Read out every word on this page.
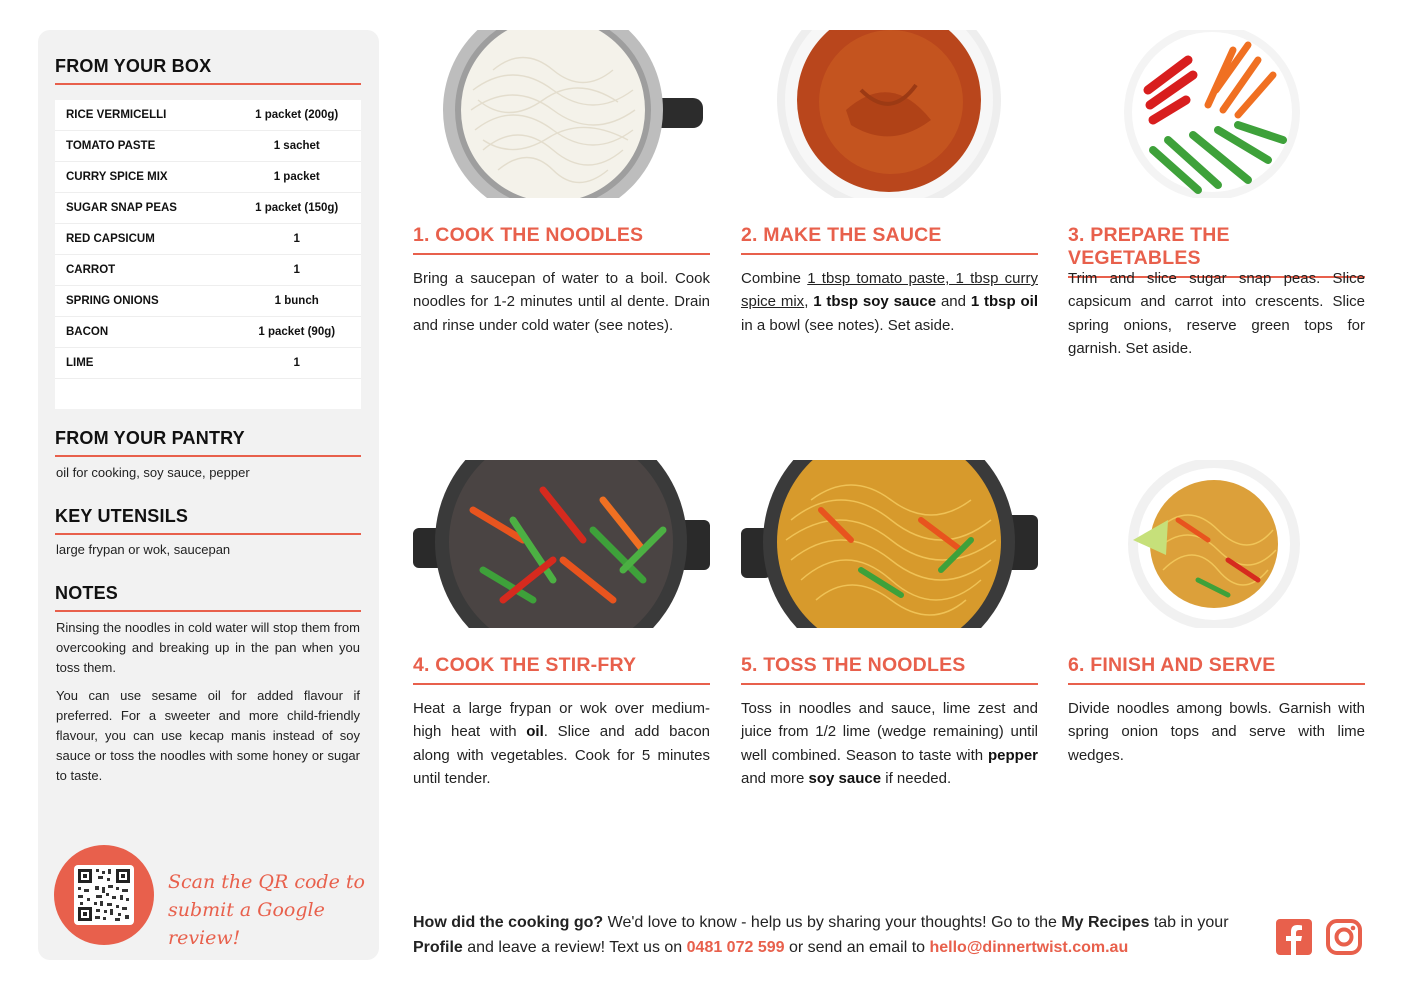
FROM YOUR BOX
RICE VERMICELLI	1 packet (200g)
TOMATO PASTE	1 sachet
CURRY SPICE MIX	1 packet
SUGAR SNAP PEAS	1 packet (150g)
RED CAPSICUM	1
CARROT	1
SPRING ONIONS	1 bunch
BACON	1 packet (90g)
LIME	1
FROM YOUR PANTRY
oil for cooking, soy sauce, pepper
KEY UTENSILS
large frypan or wok, saucepan
NOTES
Rinsing the noodles in cold water will stop them from overcooking and breaking up in the pan when you toss them.
You can use sesame oil for added flavour if preferred. For a sweeter and more child-friendly flavour, you can use kecap manis instead of soy sauce or toss the noodles with some honey or sugar to taste.
Scan the QR code to
submit a Google review!
1. COOK THE NOODLES	2. MAKE THE SAUCE	3. PREPARE THE VEGETABLES
4. COOK THE STIR-FRY	5. TOSS THE NOODLES	6. FINISH AND SERVE
Bring a saucepan of water to a boil. Cook noodles for 1-2 minutes until al dente. Drain and rinse under cold water (see notes).
Combine 1 tbsp tomato paste, 1 tbsp curry spice mix, 1 tbsp soy sauce and 1 tbsp oil in a bowl (see notes). Set aside.
Trim and slice sugar snap peas. Slice capsicum and carrot into crescents. Slice spring onions, reserve green tops for garnish. Set aside.
Heat a large frypan or wok over medium-high heat with oil. Slice and add bacon along with vegetables. Cook for 5 minutes until tender.
Toss in noodles and sauce, lime zest and juice from 1/2 lime (wedge remaining) until well combined. Season to taste with pepper and more soy sauce if needed.
Divide noodles among bowls. Garnish with spring onion tops and serve with lime wedges.
How did the cooking go? We'd love to know - help us by sharing your thoughts! Go to the My Recipes tab in your Profile and leave a review! Text us on 0481 072 599 or send an email to hello@dinnertwist.com.au
